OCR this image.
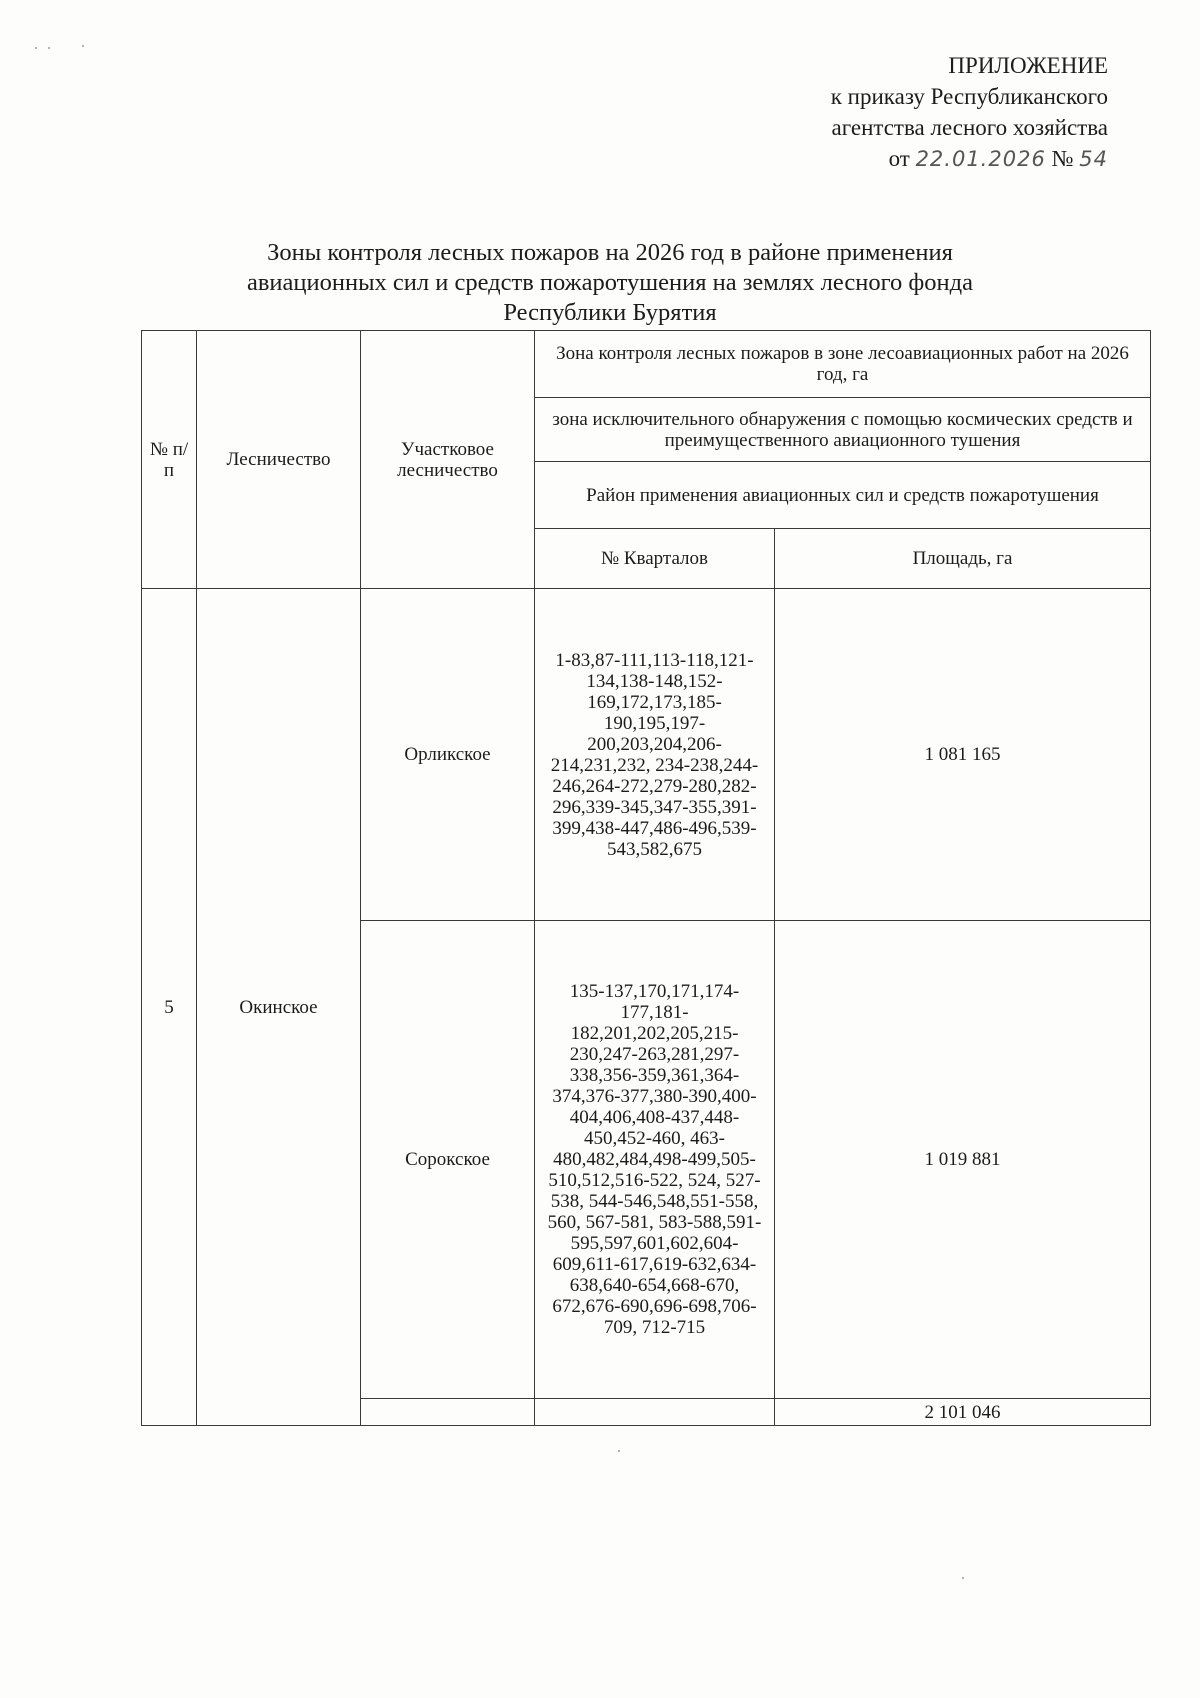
ПРИЛОЖЕНИЕ
к приказу Республиканского
агентства лесного хозяйства
от 22.01.2026 № 54
Зоны контроля лесных пожаров на 2026 год в районе применения
авиационных сил и средств пожаротушения на землях лесного фонда
Республики Бурятия
№ п/п	Лесничество	Участковое лесничество	Зона контроля лесных пожаров в зоне лесоавиационных работ на 2026 год, га	
			зона исключительного обнаружения с помощью космических средств и преимущественного авиационного тушения	
			Район применения авиационных сил и средств пожаротушения	
			№ Кварталов	Площадь, га
5	Окинское	Орликское	1-83,87-111,113-118,121-134,138-148,152-169,172,173,185-190,195,197-200,203,204,206-214,231,232, 234-238,244-246,264-272,279-280,282-296,339-345,347-355,391-399,438-447,486-496,539-543,582,675	1 081 165
		Сорокское	135-137,170,171,174-177,181-182,201,202,205,215-230,247-263,281,297-338,356-359,361,364-374,376-377,380-390,400-404,406,408-437,448-450,452-460, 463-480,482,484,498-499,505-510,512,516-522, 524, 527-538, 544-546,548,551-558, 560, 567-581, 583-588,591-595,597,601,602,604-609,611-617,619-632,634-638,640-654,668-670, 672,676-690,696-698,706-709, 712-715	1 019 881
				2 101 046
